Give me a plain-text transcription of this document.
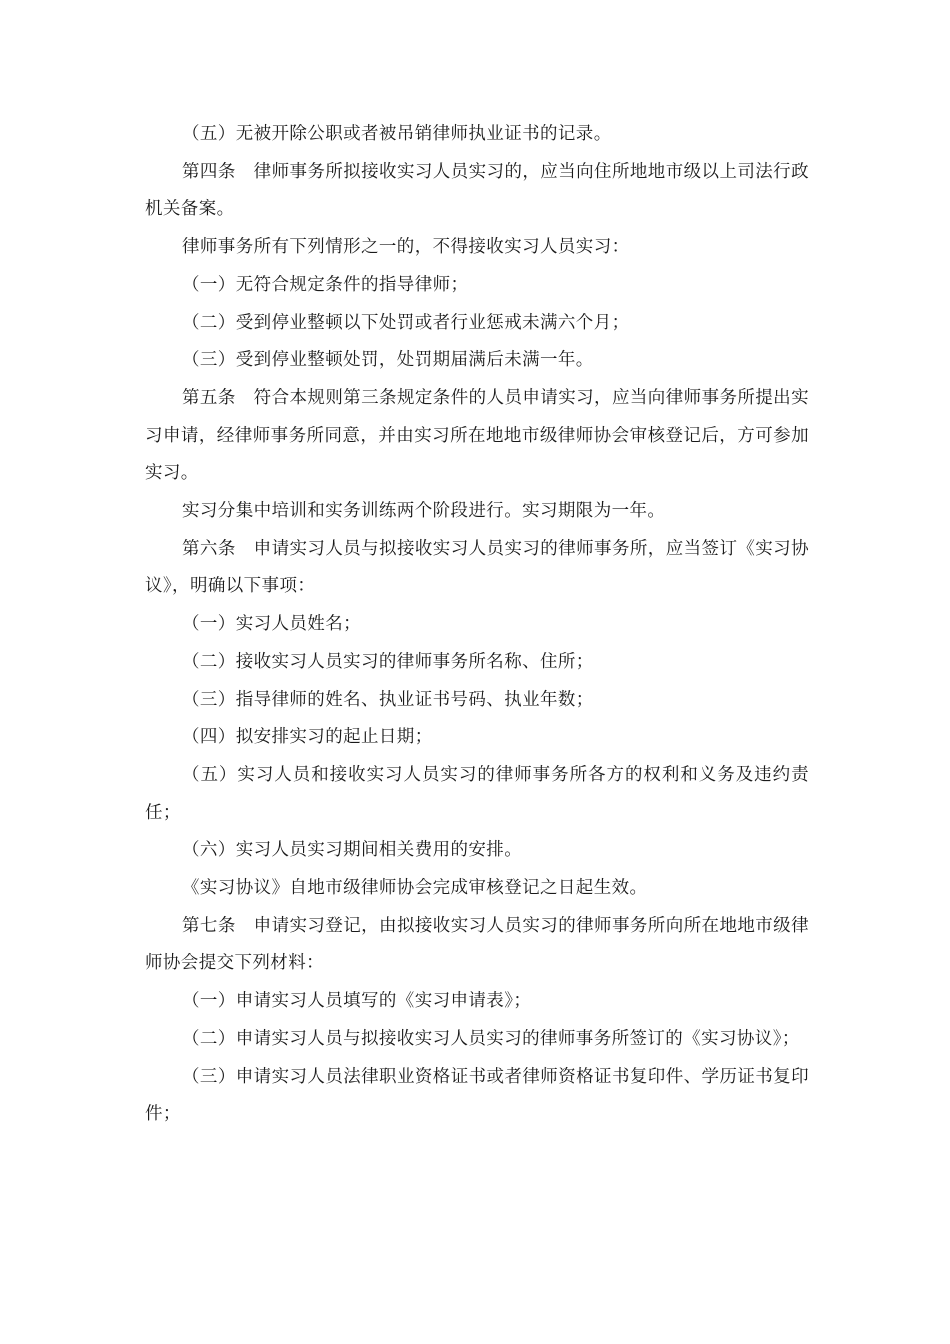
（五）无被开除公职或者被吊销律师执业证书的记录。

第四条　律师事务所拟接收实习人员实习的，应当向住所地地市级以上司法行政机关备案。

律师事务所有下列情形之一的，不得接收实习人员实习：

（一）无符合规定条件的指导律师；

（二）受到停业整顿以下处罚或者行业惩戒未满六个月；

（三）受到停业整顿处罚，处罚期届满后未满一年。

第五条　符合本规则第三条规定条件的人员申请实习，应当向律师事务所提出实习申请，经律师事务所同意，并由实习所在地地市级律师协会审核登记后，方可参加实习。

实习分集中培训和实务训练两个阶段进行。实习期限为一年。

第六条　申请实习人员与拟接收实习人员实习的律师事务所，应当签订《实习协议》，明确以下事项：

（一）实习人员姓名；

（二）接收实习人员实习的律师事务所名称、住所；

（三）指导律师的姓名、执业证书号码、执业年数；

（四）拟安排实习的起止日期；

（五）实习人员和接收实习人员实习的律师事务所各方的权利和义务及违约责任；

（六）实习人员实习期间相关费用的安排。

《实习协议》自地市级律师协会完成审核登记之日起生效。

第七条　申请实习登记，由拟接收实习人员实习的律师事务所向所在地地市级律师协会提交下列材料：

（一）申请实习人员填写的《实习申请表》；

（二）申请实习人员与拟接收实习人员实习的律师事务所签订的《实习协议》；

（三）申请实习人员法律职业资格证书或者律师资格证书复印件、学历证书复印件；
